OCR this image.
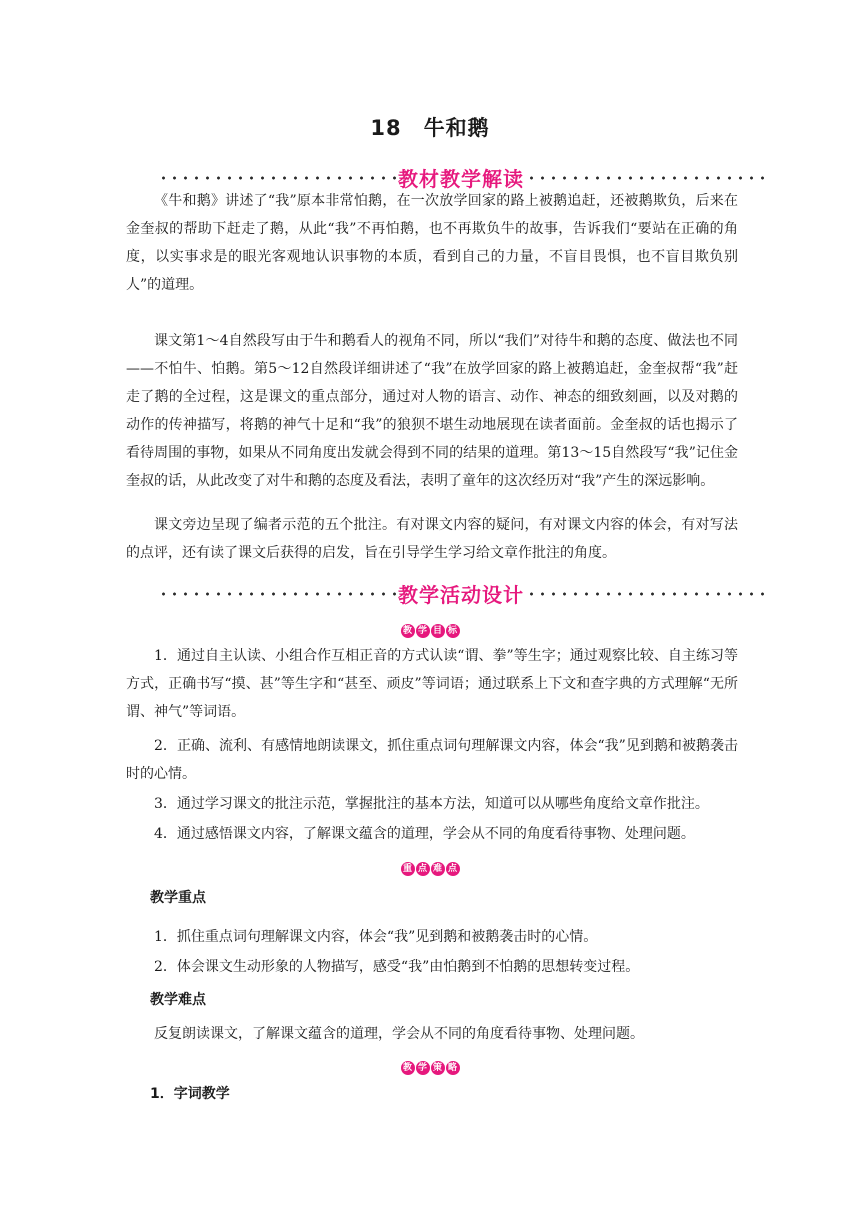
18　牛和鹅
教材教学解读
《牛和鹅》讲述了“我”原本非常怕鹅，在一次放学回家的路上被鹅追赶，还被鹅欺负，后来在金奎叔的帮助下赶走了鹅，从此“我”不再怕鹅，也不再欺负牛的故事，告诉我们“要站在正确的角度，以实事求是的眼光客观地认识事物的本质，看到自己的力量，不盲目畏惧，也不盲目欺负别人”的道理。
课文第1～4自然段写由于牛和鹅看人的视角不同，所以“我们”对待牛和鹅的态度、做法也不同——不怕牛、怕鹅。第5～12自然段详细讲述了“我”在放学回家的路上被鹅追赶，金奎叔帮“我”赶走了鹅的全过程，这是课文的重点部分，通过对人物的语言、动作、神态的细致刻画，以及对鹅的动作的传神描写，将鹅的神气十足和“我”的狼狈不堪生动地展现在读者面前。金奎叔的话也揭示了看待周围的事物，如果从不同角度出发就会得到不同的结果的道理。第13～15自然段写“我”记住金奎叔的话，从此改变了对牛和鹅的态度及看法，表明了童年的这次经历对“我”产生的深远影响。
课文旁边呈现了编者示范的五个批注。有对课文内容的疑问，有对课文内容的体会，有对写法的点评，还有读了课文后获得的启发，旨在引导学生学习给文章作批注的角度。
教学活动设计
教 学 目 标
1．通过自主认读、小组合作互相正音的方式认读“谓、拳”等生字；通过观察比较、自主练习等方式，正确书写“摸、甚”等生字和“甚至、顽皮”等词语；通过联系上下文和查字典的方式理解“无所谓、神气”等词语。
2．正确、流利、有感情地朗读课文，抓住重点词句理解课文内容，体会“我”见到鹅和被鹅袭击时的心情。
3．通过学习课文的批注示范，掌握批注的基本方法，知道可以从哪些角度给文章作批注。
4．通过感悟课文内容，了解课文蕴含的道理，学会从不同的角度看待事物、处理问题。
重 点 难 点
教学重点
1．抓住重点词句理解课文内容，体会“我”见到鹅和被鹅袭击时的心情。
2．体会课文生动形象的人物描写，感受“我”由怕鹅到不怕鹅的思想转变过程。
教学难点
反复朗读课文，了解课文蕴含的道理，学会从不同的角度看待事物、处理问题。
教 学 策 略
1．字词教学
